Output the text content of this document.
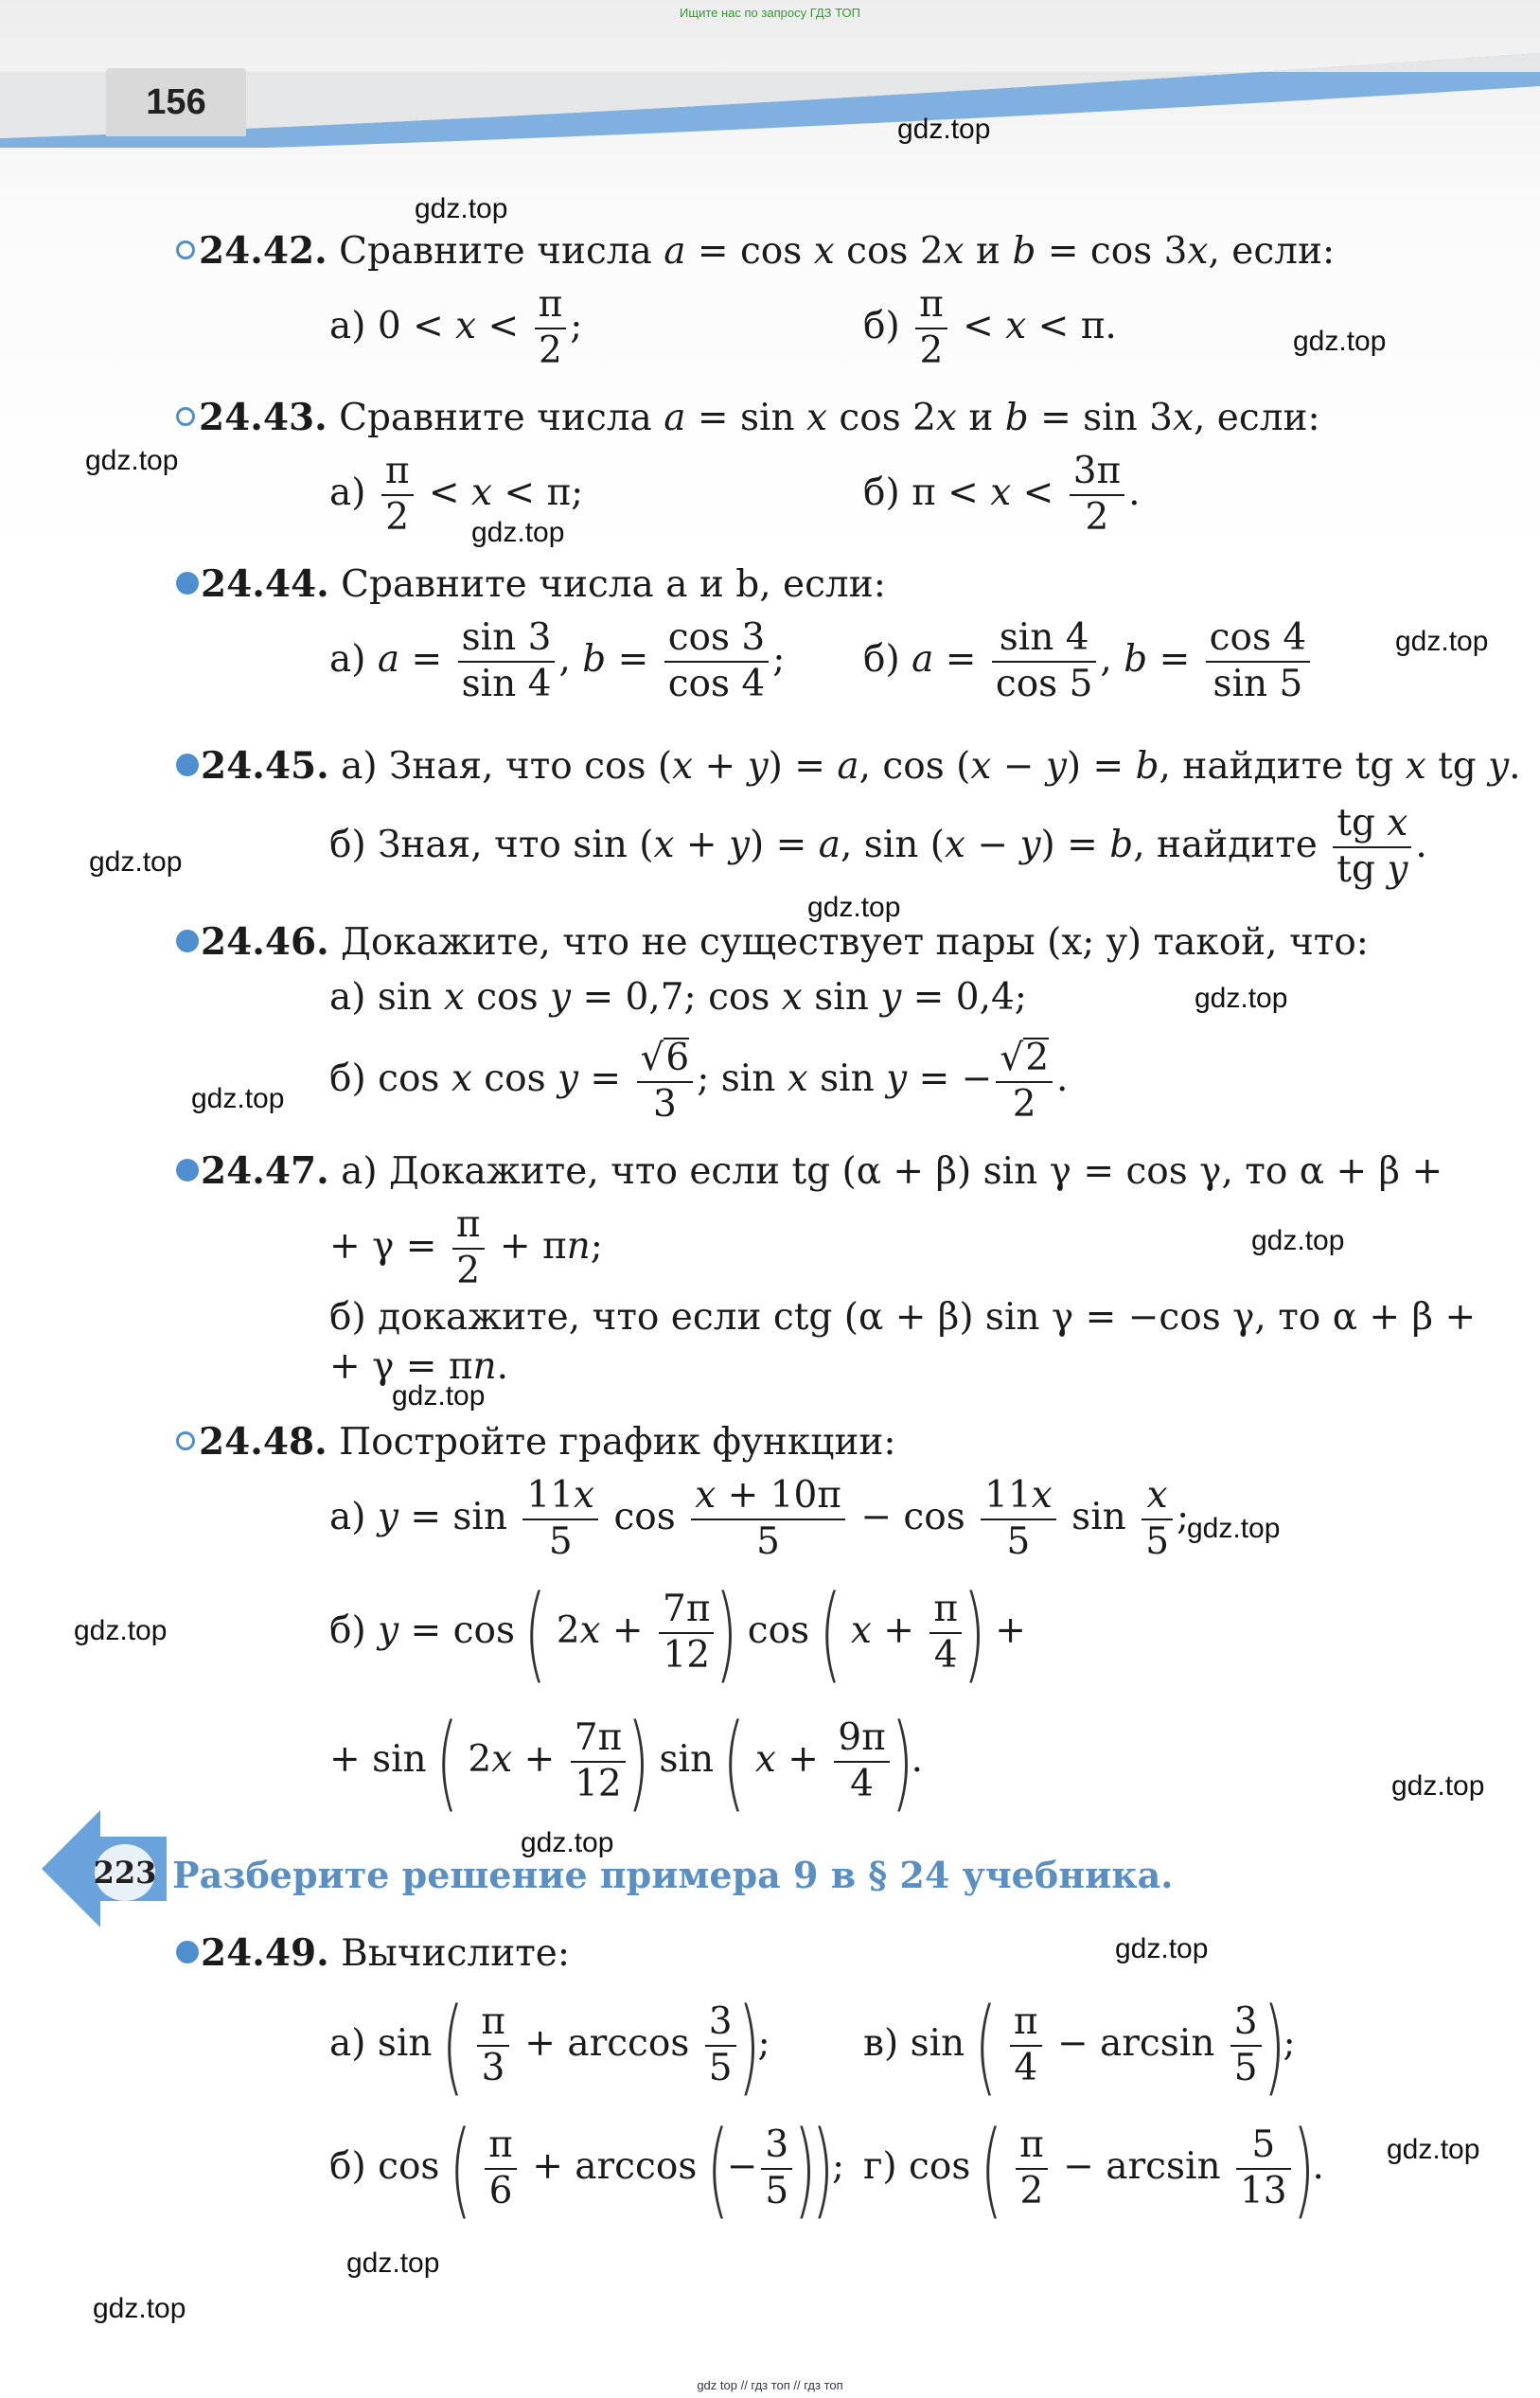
Ищите нас по запросу ГДЗ ТОП
156
gdz.top
gdz.top
gdz.top
gdz.top
gdz.top
gdz.top
gdz.top
gdz.top
gdz.top
gdz.top
gdz.top
gdz.top
gdz.top
gdz.top
gdz.top
gdz.top
gdz.top
gdz.top
gdz.top
gdz.top
24.42. Сравните числа a = cos x cos 2x и b = cos 3x, если:
а) $0 < x < \frac{\pi}{2}$ ;	$б) \frac{\pi}{2} < x < \pi$.
24.43. Сравните числа a = sin x cos 2x и b = sin 3x, если:
$а) \frac{\pi}{2} < x < \pi$;	б) $\pi < x < \frac{3\pi}{2}$ .
24.44. Сравните числа a и b, если:
а) $a = \frac{\sin 3}{\sin 4}$ , $b = \frac{\cos 3}{\cos 4}$ ; б) $a = \frac{\sin 4}{\cos 5}$ , $b = \frac{\cos 4}{\sin 5}$
24.45. а) Зная, что cos (x + y) = a, cos (x − y) = b, найдите tg x tg y.
б) Зная, что sin (x + y) = a, sin (x − y) = b, найдите $\frac{\text{tg x}}{\text{tg y}}$ .
24.46. Докажите, что не существует пары (x; y) такой, что:
а) sin x cos y = 0,7; cos x sin y = 0,4;
б) cos x $\cos y = \frac{√6}{3}$ ; sin x sin y = − $\frac{√2}{2}$ .
24.47. а) Докажите, что если tg (α + β) sin γ = cos γ, то α + β +
+ $\gamma = \frac{\pi}{2} + \pi n$;
б) докажите, что если ctg (α + β) sin γ = −cos γ, то α + β +
+ γ = πn.
24.48. Постройте график функции:
а) $y = \sin \frac{11x}{5}$ $\cos \frac{x + 10\pi}{5} - \cos \frac{11x}{5}$ $\sin \frac{x}{5}$ ;
б) y = cos ( $2x + \frac{7\pi}{12}$ ) cos ( $x + \frac{\pi}{4}$ ) +
+ sin ( $2x + \frac{7\pi}{12}$ ) sin ( $x + \frac{9\pi}{4}$ ).
223 Разберите решение примера 9 в § 24 учебника.
24.49. Вычислите:
а) sin ( $\frac{\pi}{3} + \arccos \frac{3}{5}$ );	в) sin ( $\frac{\pi}{4} - \arcsin \frac{3}{5}$ );
б) cos ( $\frac{\pi}{6} + \arccos$ (− $\frac{3}{5}$ )); г) cos ( $\frac{\pi}{2} - \arcsin \frac{5}{13}$ ).
gdz top // гдз топ // гдз топ
